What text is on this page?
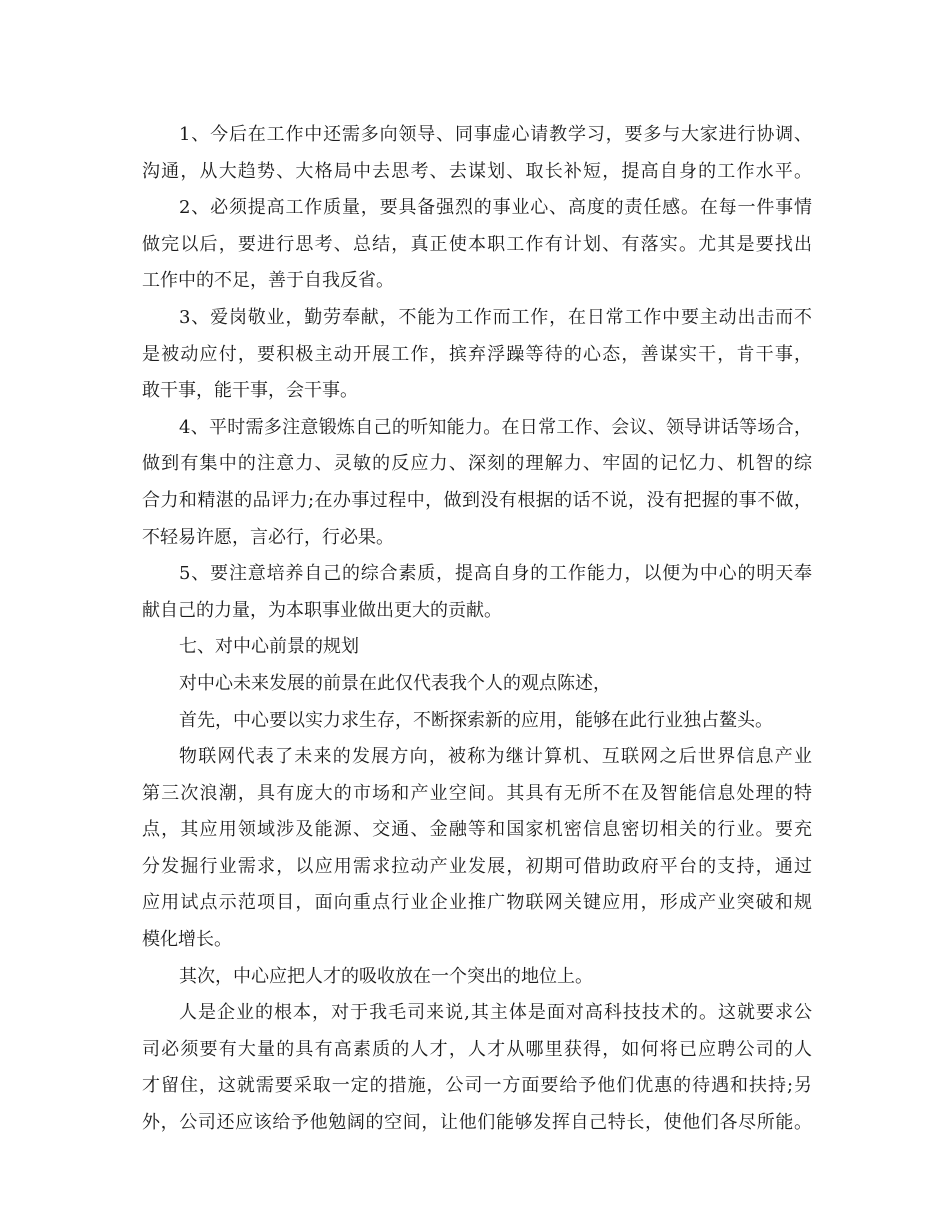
1、今后在工作中还需多向领导、同事虚心请教学习，要多与大家进行协调、
沟通，从大趋势、大格局中去思考、去谋划、取长补短，提高自身的工作水平。
2、必须提高工作质量，要具备强烈的事业心、高度的责任感。在每一件事情
做完以后，要进行思考、总结，真正使本职工作有计划、有落实。尤其是要找出
工作中的不足，善于自我反省。
3、爱岗敬业，勤劳奉献，不能为工作而工作，在日常工作中要主动出击而不
是被动应付，要积极主动开展工作，摈弃浮躁等待的心态，善谋实干，肯干事，
敢干事，能干事，会干事。
4、平时需多注意锻炼自己的听知能力。在日常工作、会议、领导讲话等场合，
做到有集中的注意力、灵敏的反应力、深刻的理解力、牢固的记忆力、机智的综
合力和精湛的品评力;在办事过程中，做到没有根据的话不说，没有把握的事不做，
不轻易许愿，言必行，行必果。
5、要注意培养自己的综合素质，提高自身的工作能力，以便为中心的明天奉
献自己的力量，为本职事业做出更大的贡献。
七、对中心前景的规划
对中心未来发展的前景在此仅代表我个人的观点陈述，
首先，中心要以实力求生存，不断探索新的应用，能够在此行业独占鳌头。
物联网代表了未来的发展方向，被称为继计算机、互联网之后世界信息产业
第三次浪潮，具有庞大的市场和产业空间。其具有无所不在及智能信息处理的特
点，其应用领域涉及能源、交通、金融等和国家机密信息密切相关的行业。要充
分发掘行业需求，以应用需求拉动产业发展，初期可借助政府平台的支持，通过
应用试点示范项目，面向重点行业企业推广物联网关键应用，形成产业突破和规
模化增长。
其次，中心应把人才的吸收放在一个突出的地位上。
人是企业的根本，对于我毛司来说,其主体是面对高科技技术的。这就要求公
司必须要有大量的具有高素质的人才，人才从哪里获得，如何将已应聘公司的人
才留住，这就需要采取一定的措施，公司一方面要给予他们优惠的待遇和扶持;另
外，公司还应该给予他勉阔的空间，让他们能够发挥自己特长，使他们各尽所能。
